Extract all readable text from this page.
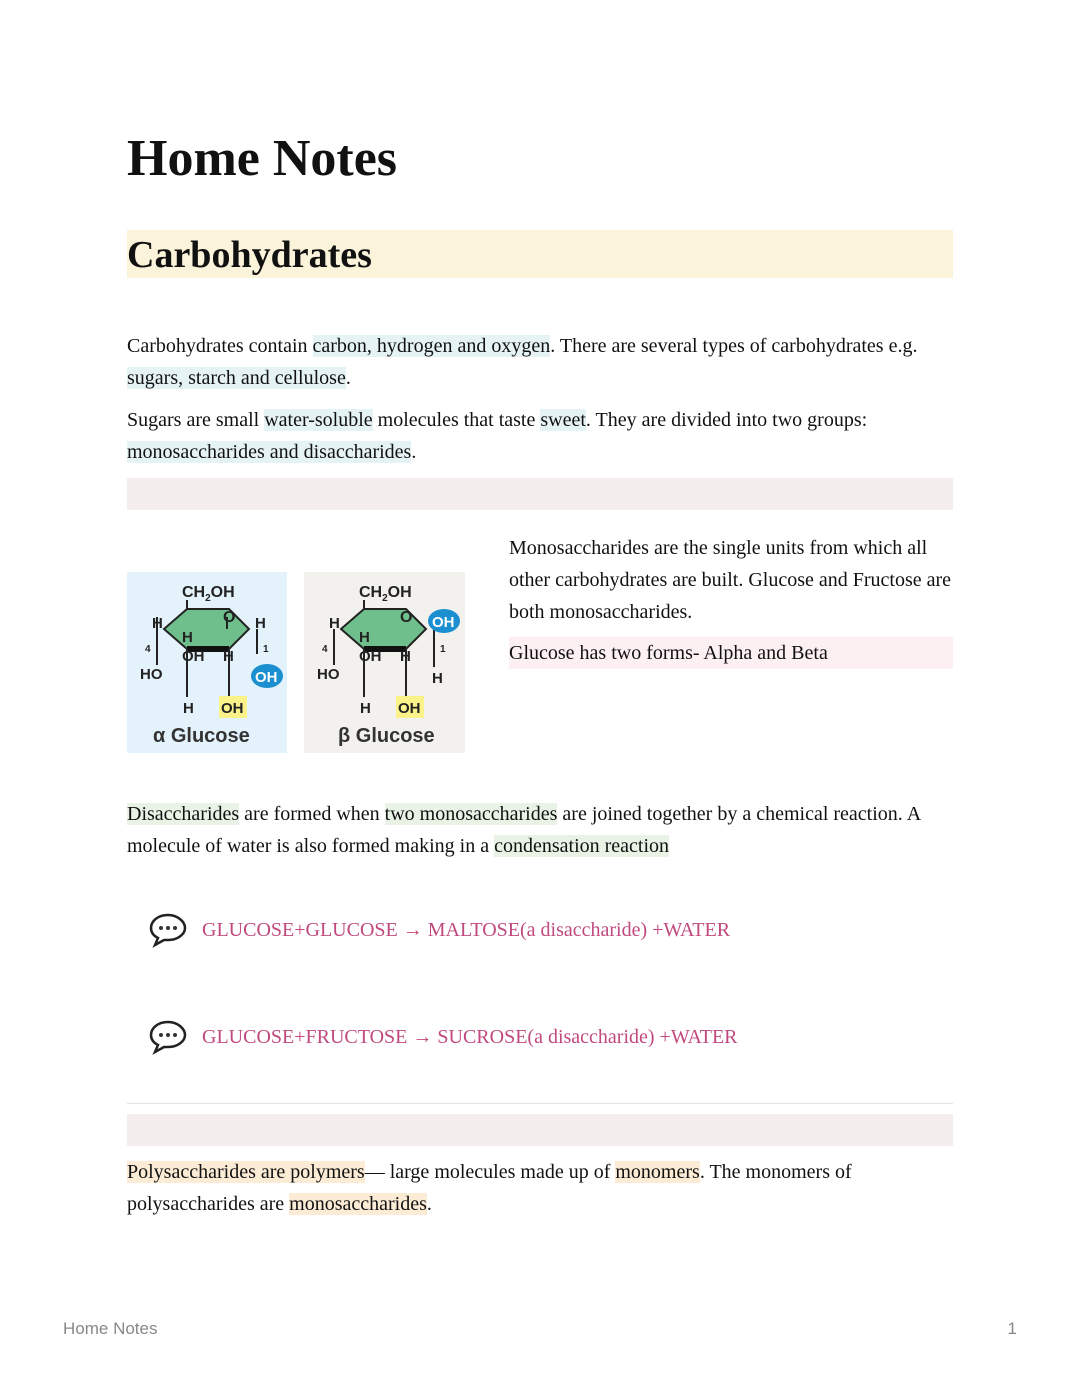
Home Notes
Carbohydrates
Carbohydrates contain carbon, hydrogen and oxygen. There are several types of carbohydrates e.g. sugars, starch and cellulose.
Sugars are small water-soluble molecules that taste sweet. They are divided into two groups: monosaccharides and disaccharides.
$CH_2OH$
O H
H
4	1
H
OH H
HO	OH
H OH
α Glucose
$CH_2OH$
O OH
H
4	1
H
OH H
HO	H
H OH
β Glucose
Monosaccharides are the single units from which all other carbohydrates are built. Glucose and Fructose are both monosaccharides.
Glucose has two forms- Alpha and Beta
Disaccharides are formed when two monosaccharides are joined together by a chemical reaction. A molecule of water is also formed making in a condensation reaction
GLUCOSE+GLUCOSE → MALTOSE(a disaccharide) +WATER
GLUCOSE+FRUCTOSE → SUCROSE(a disaccharide) +WATER
Polysaccharides are polymers— large molecules made up of monomers. The monomers of polysaccharides are monosaccharides.
Home Notes	1
